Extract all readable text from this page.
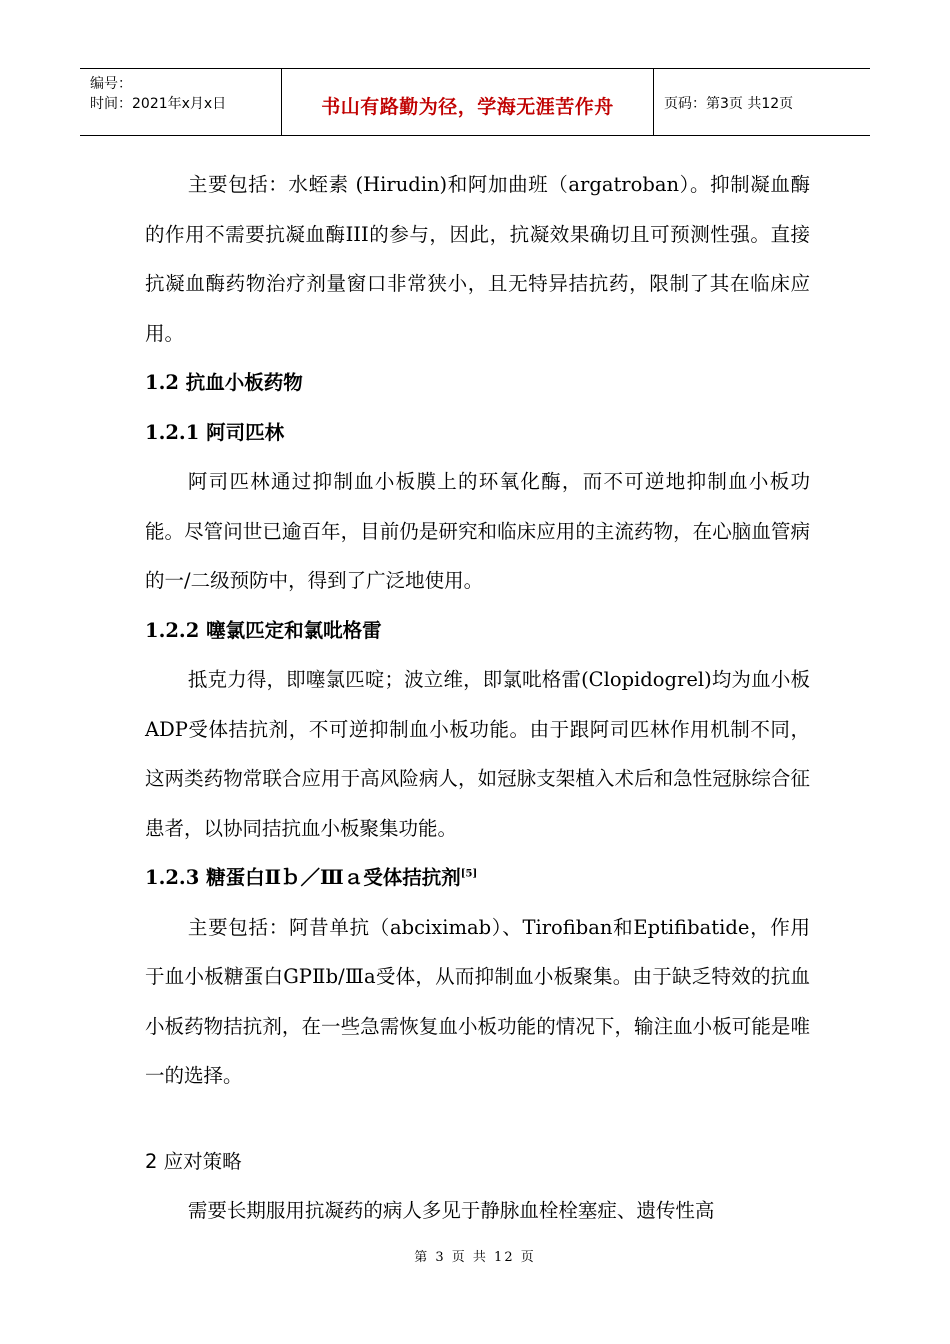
编号：
时间：2021年x月x日	书山有路勤为径，学海无涯苦作舟	页码：第3页 共12页

主要包括：水蛭素 (Hirudin)和阿加曲班（argatroban）。抑制凝血酶的作用不需要抗凝血酶III的参与，因此，抗凝效果确切且可预测性强。直接抗凝血酶药物治疗剂量窗口非常狭小，且无特异拮抗药，限制了其在临床应用。

1.2 抗血小板药物

1.2.1 阿司匹林

阿司匹林通过抑制血小板膜上的环氧化酶，而不可逆地抑制血小板功能。尽管问世已逾百年，目前仍是研究和临床应用的主流药物，在心脑血管病的一/二级预防中，得到了广泛地使用。

1.2.2 噻氯匹定和氯吡格雷

抵克力得，即噻氯匹啶；波立维，即氯吡格雷(Clopidogrel)均为血小板ADP受体拮抗剂，不可逆抑制血小板功能。由于跟阿司匹林作用机制不同，这两类药物常联合应用于高风险病人，如冠脉支架植入术后和急性冠脉综合征患者，以协同拮抗血小板聚集功能。

1.2.3 糖蛋白Ⅱｂ／Ⅲａ受体拮抗剂[5]

主要包括：阿昔单抗（abciximab）、Tirofiban和Eptifibatide，作用于血小板糖蛋白GPⅡb/Ⅲa受体，从而抑制血小板聚集。由于缺乏特效的抗血小板药物拮抗剂，在一些急需恢复血小板功能的情况下，输注血小板可能是唯一的选择。

2 应对策略

需要长期服用抗凝药的病人多见于静脉血栓栓塞症、遗传性高

第 3 页 共 12 页
